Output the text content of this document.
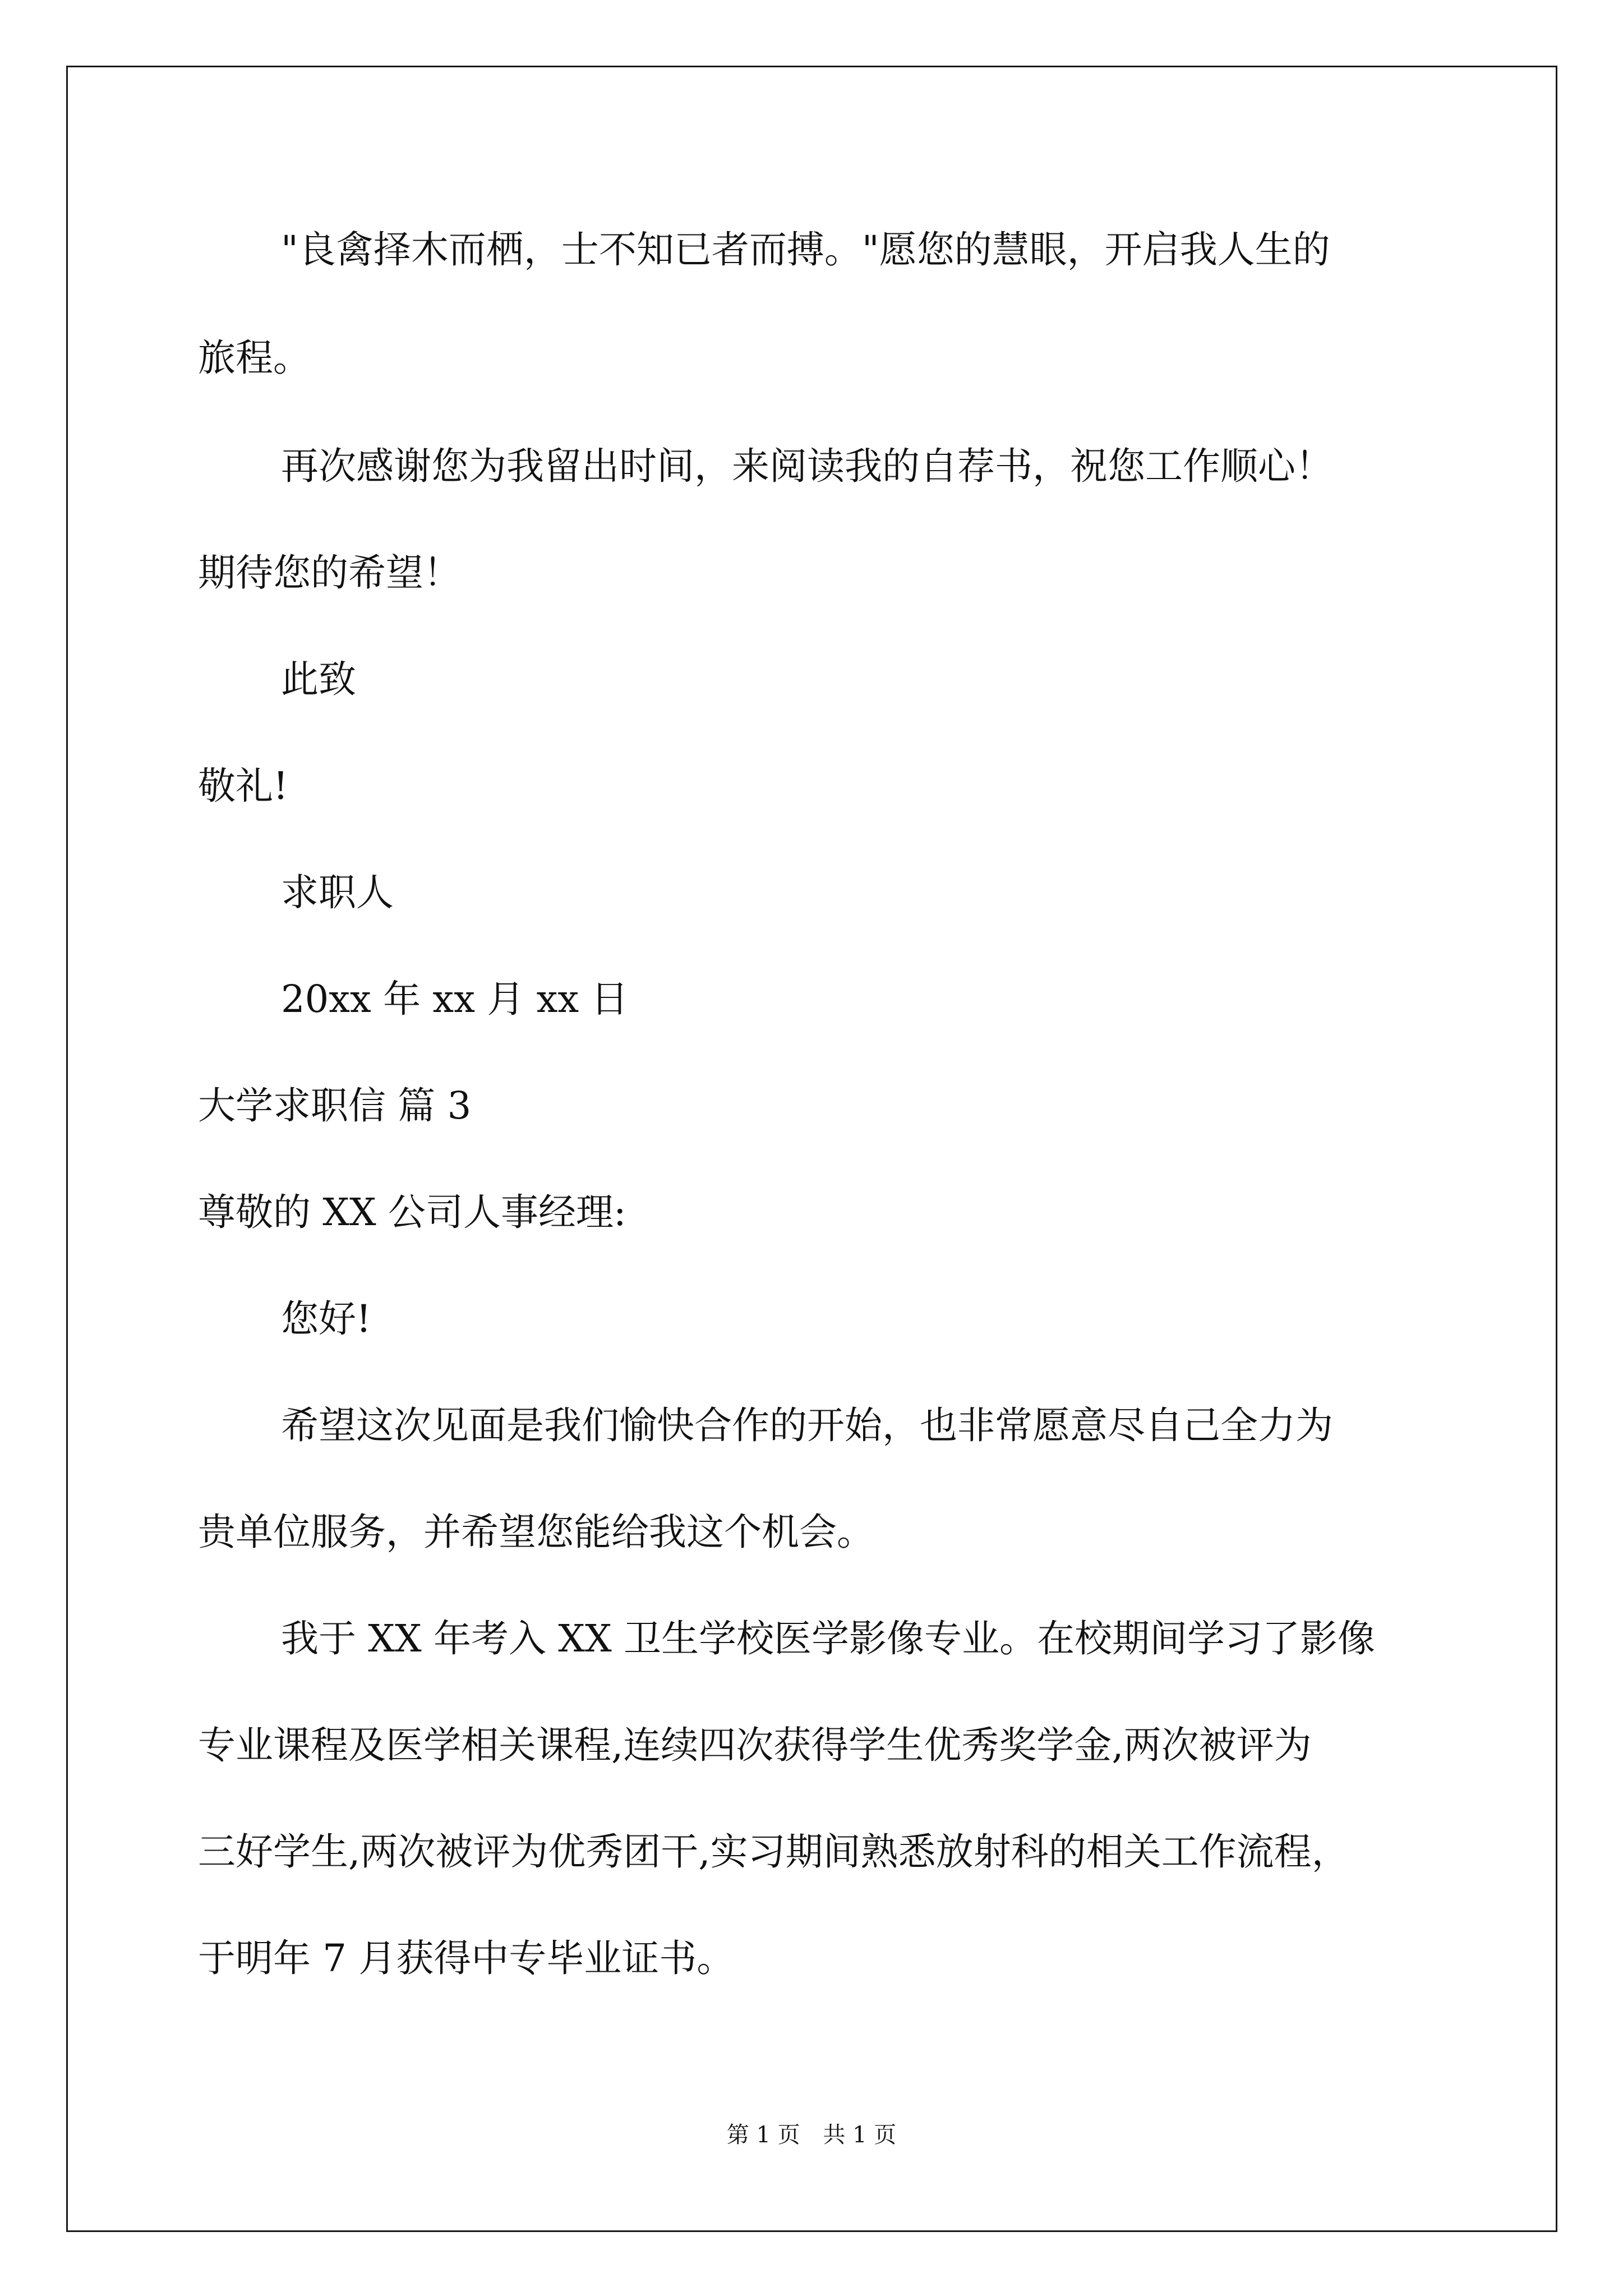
"良禽择木而栖，士不知已者而搏。"愿您的慧眼，开启我人生的
旅程。
再次感谢您为我留出时间，来阅读我的自荐书，祝您工作顺心！
期待您的希望！
此致
敬礼!
求职人
20xx 年 xx 月 xx 日
大学求职信 篇 3
尊敬的 XX 公司人事经理:
您好!
希望这次见面是我们愉快合作的开始，也非常愿意尽自己全力为
贵单位服务，并希望您能给我这个机会。
我于 XX 年考入 XX 卫生学校医学影像专业。在校期间学习了影像
专业课程及医学相关课程,连续四次获得学生优秀奖学金,两次被评为
三好学生,两次被评为优秀团干,实习期间熟悉放射科的相关工作流程，
于明年 7 月获得中专毕业证书。
第 1 页 共 1 页
